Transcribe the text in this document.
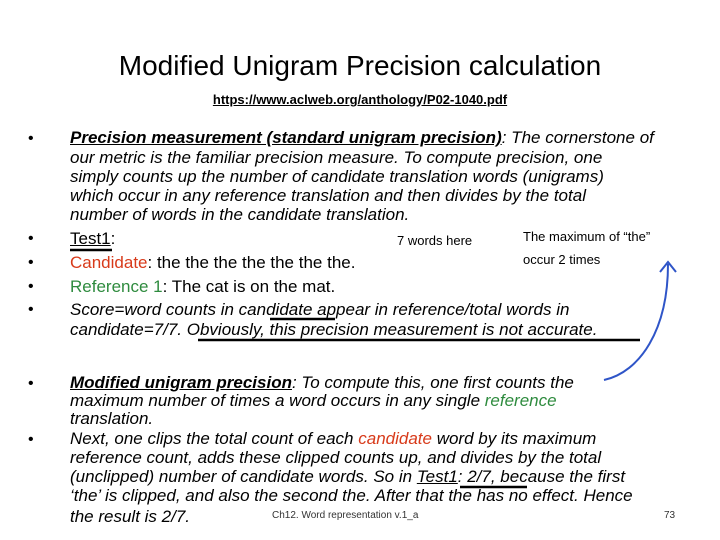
Modified Unigram Precision calculation
https://www.aclweb.org/anthology/P02-1040.pdf
• Precision measurement (standard unigram precision): The cornerstone of
our metric is the familiar precision measure. To compute precision, one
simply counts up the number of candidate translation words (unigrams)
which occur in any reference translation and then divides by the total
number of words in the candidate translation.
• Test1:
• Candidate: the the the the the the the.
• Reference 1: The cat is on the mat.
• Score=word counts in candidate appear in reference/total words in
candidate=7/7. Obviously, this precision measurement is not accurate.
7 words here	The maximum of “the”
occur 2 times
• Modified unigram precision: To compute this, one first counts the
maximum number of times a word occurs in any single reference
translation.
• Next, one clips the total count of each candidate word by its maximum
reference count, adds these clipped counts up, and divides by the total
(unclipped) number of candidate words. So in Test1: 2/7, because the first
‘the’ is clipped, and also the second the. After that the has no effect. Hence
the result is 2/7.	Ch12. Word representation v.1_a	73
